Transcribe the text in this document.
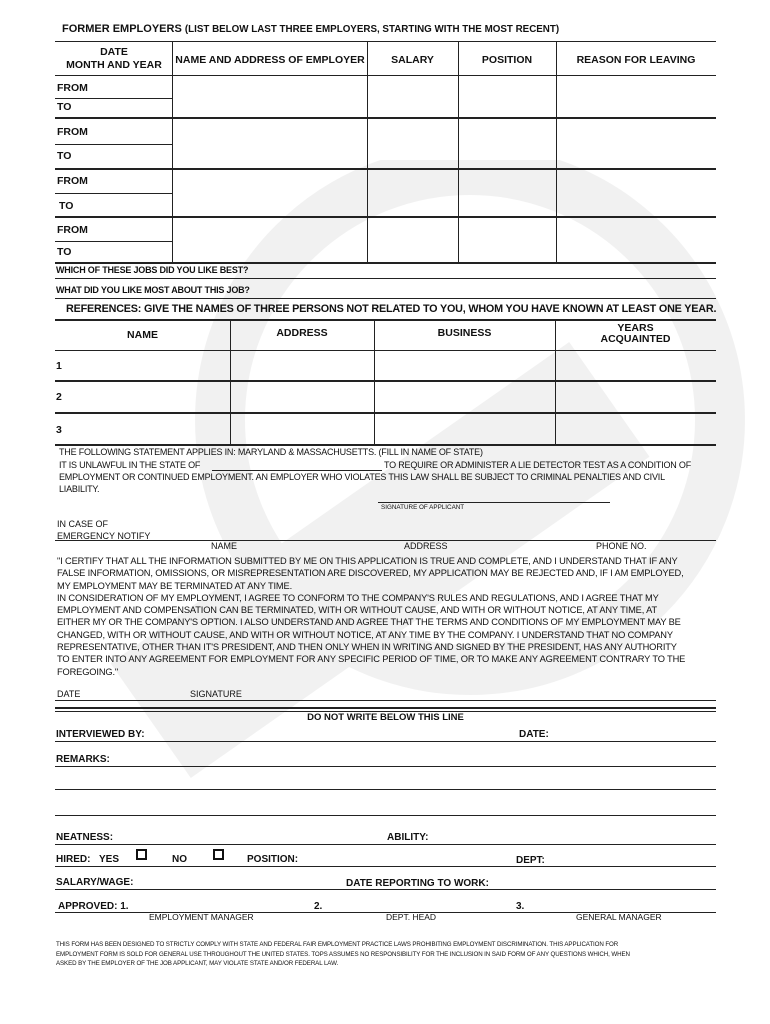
FORMER EMPLOYERS (LIST BELOW LAST THREE EMPLOYERS, STARTING WITH THE MOST RECENT)
DATE
MONTH AND YEAR	NAME AND ADDRESS OF EMPLOYER	SALARY	POSITION	REASON FOR LEAVING
FROM
TO
FROM
TO
FROM
TO
FROM
TO
WHICH OF THESE JOBS DID YOU LIKE BEST?
WHAT DID YOU LIKE MOST ABOUT THIS JOB?
REFERENCES: GIVE THE NAMES OF THREE PERSONS NOT RELATED TO YOU, WHOM YOU HAVE KNOWN AT LEAST ONE YEAR.
NAME	ADDRESS	BUSINESS	YEARS
ACQUAINTED
1
2
3
THE FOLLOWING STATEMENT APPLIES IN: MARYLAND & MASSACHUSETTS. (FILL IN NAME OF STATE)
IT IS UNLAWFUL IN THE STATE OF	TO REQUIRE OR ADMINISTER A LIE DETECTOR TEST AS A CONDITION OF
EMPLOYMENT OR CONTINUED EMPLOYMENT. AN EMPLOYER WHO VIOLATES THIS LAW SHALL BE SUBJECT TO CRIMINAL PENALTIES AND CIVIL
LIABILITY.
SIGNATURE OF APPLICANT
IN CASE OF
EMERGENCY NOTIFY
NAME	ADDRESS	PHONE NO.
"I CERTIFY THAT ALL THE INFORMATION SUBMITTED BY ME ON THIS APPLICATION IS TRUE AND COMPLETE, AND I UNDERSTAND THAT IF ANY
FALSE INFORMATION, OMISSIONS, OR MISREPRESENTATION ARE DISCOVERED, MY APPLICATION MAY BE REJECTED AND, IF I AM EMPLOYED,
MY EMPLOYMENT MAY BE TERMINATED AT ANY TIME.
IN CONSIDERATION OF MY EMPLOYMENT, I AGREE TO CONFORM TO THE COMPANY'S RULES AND REGULATIONS, AND I AGREE THAT MY
EMPLOYMENT AND COMPENSATION CAN BE TERMINATED, WITH OR WITHOUT CAUSE, AND WITH OR WITHOUT NOTICE, AT ANY TIME, AT
EITHER MY OR THE COMPANY'S OPTION. I ALSO UNDERSTAND AND AGREE THAT THE TERMS AND CONDITIONS OF MY EMPLOYMENT MAY BE
CHANGED, WITH OR WITHOUT CAUSE, AND WITH OR WITHOUT NOTICE, AT ANY TIME BY THE COMPANY. I UNDERSTAND THAT NO COMPANY
REPRESENTATIVE, OTHER THAN IT'S PRESIDENT, AND THEN ONLY WHEN IN WRITING AND SIGNED BY THE PRESIDENT, HAS ANY AUTHORITY
TO ENTER INTO ANY AGREEMENT FOR EMPLOYMENT FOR ANY SPECIFIC PERIOD OF TIME, OR TO MAKE ANY AGREEMENT CONTRARY TO THE
FOREGOING."
DATE	SIGNATURE
DO NOT WRITE BELOW THIS LINE
INTERVIEWED BY:	DATE:
REMARKS:
NEATNESS:	ABILITY:
HIRED: YES	NO	POSITION:	DEPT:
SALARY/WAGE:	DATE REPORTING TO WORK:
APPROVED: 1.	2.	3.
EMPLOYMENT MANAGER	DEPT. HEAD	GENERAL MANAGER
THIS FORM HAS BEEN DESIGNED TO STRICTLY COMPLY WITH STATE AND FEDERAL FAIR EMPLOYMENT PRACTICE LAWS PROHIBITING EMPLOYMENT DISCRIMINATION. THIS APPLICATION FOR
EMPLOYMENT FORM IS SOLD FOR GENERAL USE THROUGHOUT THE UNITED STATES. TOPS ASSUMES NO RESPONSIBILITY FOR THE INCLUSION IN SAID FORM OF ANY QUESTIONS WHICH, WHEN
ASKED BY THE EMPLOYER OF THE JOB APPLICANT, MAY VIOLATE STATE AND/OR FEDERAL LAW.
